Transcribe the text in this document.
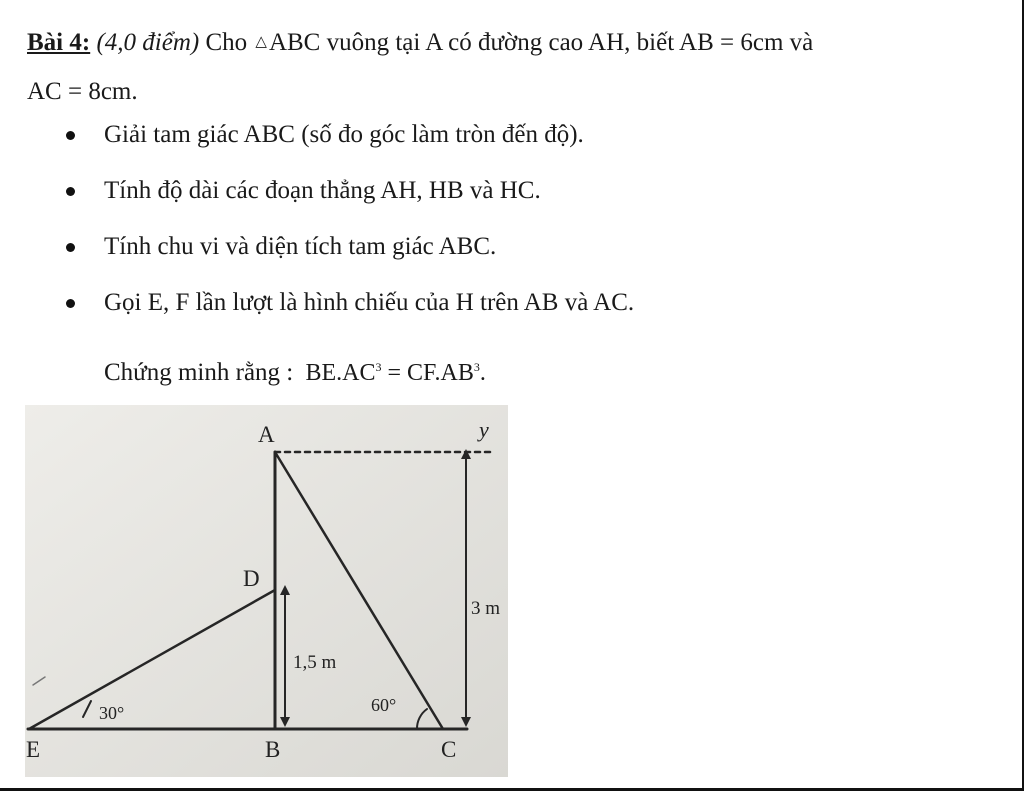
Bài 4: (4,0 điểm) Cho △ABC vuông tại A có đường cao AH, biết AB = 6cm và
AC = 8cm.
Giải tam giác ABC (số đo góc làm tròn đến độ).
Tính độ dài các đoạn thẳng AH, HB và HC.
Tính chu vi và diện tích tam giác ABC.
Gọi E, F lần lượt là hình chiếu của H trên AB và AC.
Chứng minh rằng : $BE.AC^3 = CF.AB^3$.
A
D
E	B	C
y
3 m
1,5 m
30°	60°
